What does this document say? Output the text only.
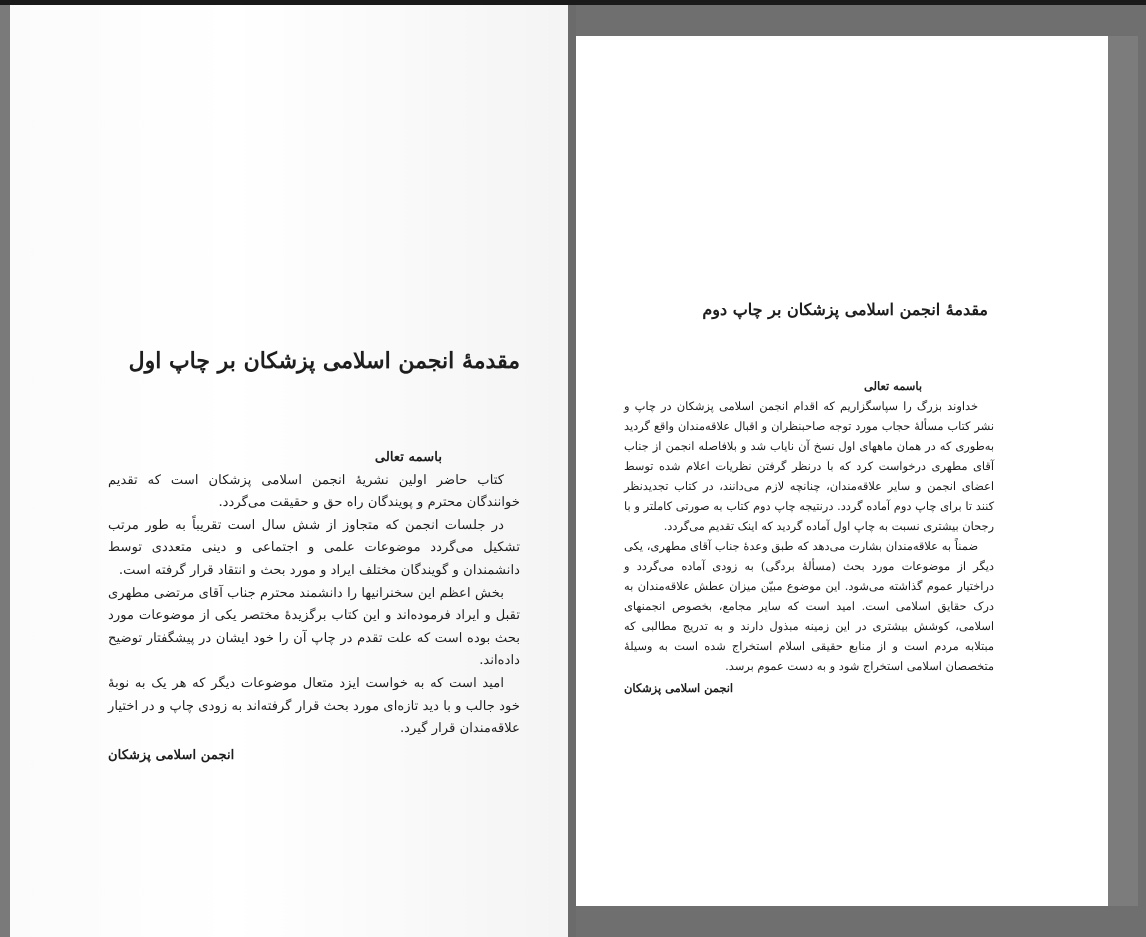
مقدمهٔ انجمن اسلامی پزشکان بر چاپ اول

باسمه تعالی

کتاب حاضر اولین نشریهٔ انجمن اسلامی پزشکان است که تقدیم خوانندگان محترم و پویندگان راه حق و حقیقت می‌گردد.

در جلسات انجمن که متجاوز از شش سال است تقریباً به طور مرتب تشکیل می‌گردد موضوعات علمی و اجتماعی و دینی متعددی توسط دانشمندان و گویندگان مختلف ایراد و مورد بحث و انتقاد قرار گرفته است.

بخش اعظم این سخنرانیها را دانشمند محترم جناب آقای مرتضی مطهری تقبل و ایراد فرموده‌اند و این کتاب برگزیدهٔ مختصر یکی از موضوعات مورد بحث بوده است که علت تقدم در چاپ آن را خود ایشان در پیشگفتار توضیح داده‌اند.

امید است که به خواست ایزد متعال موضوعات دیگر که هر یک به نوبهٔ خود جالب و با دید تازه‌ای مورد بحث قرار گرفته‌اند به زودی چاپ و در اختیار علاقه‌مندان قرار گیرد.

انجمن اسلامی پزشکان

مقدمهٔ انجمن اسلامی پزشکان بر چاپ دوم

باسمه تعالی

خداوند بزرگ را سپاسگزاریم که اقدام انجمن اسلامی پزشکان در چاپ و نشر کتاب مسألهٔ حجاب مورد توجه صاحبنظران و اقبال علاقه‌مندان واقع گردید به‌طوری که در همان ماههای اول نسخ آن نایاب شد و بلافاصله انجمن از جناب آقای مطهری درخواست کرد که با درنظر گرفتن نظریات اعلام شده توسط اعضای انجمن و سایر علاقه‌مندان، چنانچه لازم می‌دانند، در کتاب تجدیدنظر کنند تا برای چاپ دوم آماده گردد. درنتیجه چاپ دوم کتاب به صورتی کاملتر و با رجحان بیشتری نسبت به چاپ اول آماده گردید که اینک تقدیم می‌گردد.

ضمناً به علاقه‌مندان بشارت می‌دهد که طبق وعدهٔ جناب آقای مطهری، یکی دیگر از موضوعات مورد بحث (مسألهٔ بردگی) به زودی آماده می‌گردد و دراختیار عموم گذاشته می‌شود. این موضوع مبیّن میزان عطش علاقه‌مندان به درک حقایق اسلامی است. امید است که سایر مجامع، بخصوص انجمنهای اسلامی، کوشش بیشتری در این زمینه مبذول دارند و به تدریج مطالبی که مبتلابه مردم است و از منابع حقیقی اسلام استخراج شده است به وسیلهٔ متخصصان اسلامی استخراج شود و به دست عموم برسد.

انجمن اسلامی پزشکان
